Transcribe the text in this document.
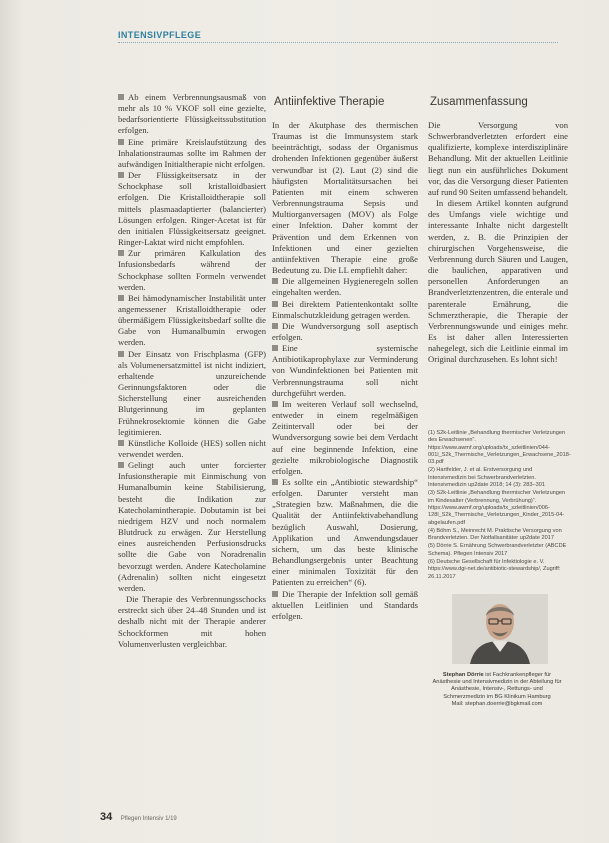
INTENSIVPFLEGE

Ab einem Verbrennungsausmaß von mehr als 10 % VKOF soll eine gezielte, bedarfsorientierte Flüssigkeitssubstitution erfolgen.

Eine primäre Kreislaufstützung des Inhalationstraumas sollte im Rahmen der aufwändigen Initialtherapie nicht erfolgen.

Der Flüssigkeitsersatz in der Schockphase soll kristalloidbasiert erfolgen. Die Kristalloidtherapie soll mittels plasmaadaptierter (balancierter) Lösungen erfolgen. Ringer-Acetat ist für den initialen Flüssigkeitsersatz geeignet. Ringer-Laktat wird nicht empfohlen.

Zur primären Kalkulation des Infusionsbedarfs während der Schockphase sollten Formeln verwendet werden.

Bei hämodynamischer Instabilität unter angemessener Kristalloidtherapie oder übermäßigem Flüssigkeitsbedarf sollte die Gabe von Humanalbumin erwogen werden.

Der Einsatz von Frischplasma (GFP) als Volumenersatzmittel ist nicht indiziert, erhaltende unzureichende Gerinnungsfaktoren oder die Sicherstellung einer ausreichenden Blutgerinnung im geplanten Frühnekrosektomie können die Gabe legitimieren.

Künstliche Kolloide (HES) sollen nicht verwendet werden.

Gelingt auch unter forcierter Infusionstherapie mit Einmischung von Humanalbumin keine Stabilisierung, besteht die Indikation zur Katecholamintherapie. Dobutamin ist bei niedrigem HZV und noch normalem Blutdruck zu erwägen. Zur Herstellung eines ausreichenden Perfusionsdrucks sollte die Gabe von Noradrenalin bevorzugt werden. Andere Katecholamine (Adrenalin) sollten nicht eingesetzt werden.

Die Therapie des Verbrennungsschocks erstreckt sich über 24–48 Stunden und ist deshalb nicht mit der Therapie anderer Schockformen mit hohen Volumenverlusten vergleichbar.

Antiinfektive Therapie

In der Akutphase des thermischen Traumas ist die Immunsystem stark beeinträchtigt, sodass der Organismus drohenden Infektionen gegenüber äußerst verwundbar ist (2). Laut (2) sind die häufigsten Mortalitätsursachen bei Patienten mit einem schweren Verbrennungstrauma Sepsis und Multiorganversagen (MOV) als Folge einer Infektion. Daher kommt der Prävention und dem Erkennen von Infektionen und einer gezielten antiinfektiven Therapie eine große Bedeutung zu. Die LL empfiehlt daher:

Die allgemeinen Hygieneregeln sollen eingehalten werden.

Bei direktem Patientenkontakt sollte Einmalschutzkleidung getragen werden.

Die Wundversorgung soll aseptisch erfolgen.

Eine systemische Antibiotikaprophylaxe zur Verminderung von Wundinfektionen bei Patienten mit Verbrennungstrauma soll nicht durchgeführt werden.

Im weiteren Verlauf soll wechselnd, entweder in einem regelmäßigen Zeitintervall oder bei der Wundversorgung sowie bei dem Verdacht auf eine beginnende Infektion, eine gezielte mikrobiologische Diagnostik erfolgen.

Es sollte ein „Antibiotic stewardship“ erfolgen. Darunter versteht man „Strategien bzw. Maßnahmen, die die Qualität der Antiinfektivabehandlung bezüglich Auswahl, Dosierung, Applikation und Anwendungsdauer sichern, um das beste klinische Behandlungsergebnis unter Beachtung einer minimalen Toxizität für den Patienten zu erreichen“ (6).

Die Therapie der Infektion soll gemäß aktuellen Leitlinien und Standards erfolgen.

Zusammenfassung

Die Versorgung von Schwerbrandverletzten erfordert eine qualifizierte, komplexe interdisziplinäre Behandlung. Mit der aktuellen Leitlinie liegt nun ein ausführliches Dokument vor, das die Versorgung dieser Patienten auf rund 90 Seiten umfassend behandelt.

In diesem Artikel konnten aufgrund des Umfangs viele wichtige und interessante Inhalte nicht dargestellt werden, z. B. die Prinzipien der chirurgischen Vorgehensweise, die Verbrennung durch Säuren und Laugen, die baulichen, apparativen und personellen Anforderungen an Brandverletztenzentren, die enterale und parenterale Ernährung, die Schmerztherapie, die Therapie der Verbrennungswunde und einiges mehr. Es ist daher allen Interessierten nahegelegt, sich die Leitlinie einmal im Original durchzusehen. Es lohnt sich!

(1) S2k-Leitlinie „Behandlung thermischer Verletzungen des Erwachsenen“. https://www.awmf.org/uploads/tx_szleitlinien/044-001l_S2k_Thermische_Verletzungen_Erwachsene_2018-03.pdf

(2) Hartfelder, J. et al. Erstversorgung und Intensivmedizin bei Schwerbrandverletzten. Intensivmedizin up2date 2018; 14 (3): 283–301

(3) S2k-Leitlinie „Behandlung thermischer Verletzungen im Kindesalter (Verbrennung, Verbrühung)“. https://www.awmf.org/uploads/tx_szleitlinien/006-128l_S2k_Thermische_Verletzungen_Kinder_2015-04-abgelaufen.pdf

(4) Böhm S., Meinrecht M. Praktische Versorgung von Brandverletzten. Der Notfallsanitäter up2date 2017

(5) Dörrie S. Ernährung Schwerbrandverletzter (ABCDE Schema). Pflegen Intensiv 2017

(6) Deutsche Gesellschaft für Infektiologie e. V. https://www.dgi-net.de/antibiotic-stewardship/, Zugriff: 26.11.2017

Stephan Dörrie ist Fachkrankenpfleger für Anästhesie und Intensivmedizin in der Abteilung für Anästhesie, Intensiv-, Rettungs- und Schmerzmedizin im BG Klinikum Hamburg
Mail: stephan.doerrie@bgkmail.com
34 Pflegen Intensiv 1/19
